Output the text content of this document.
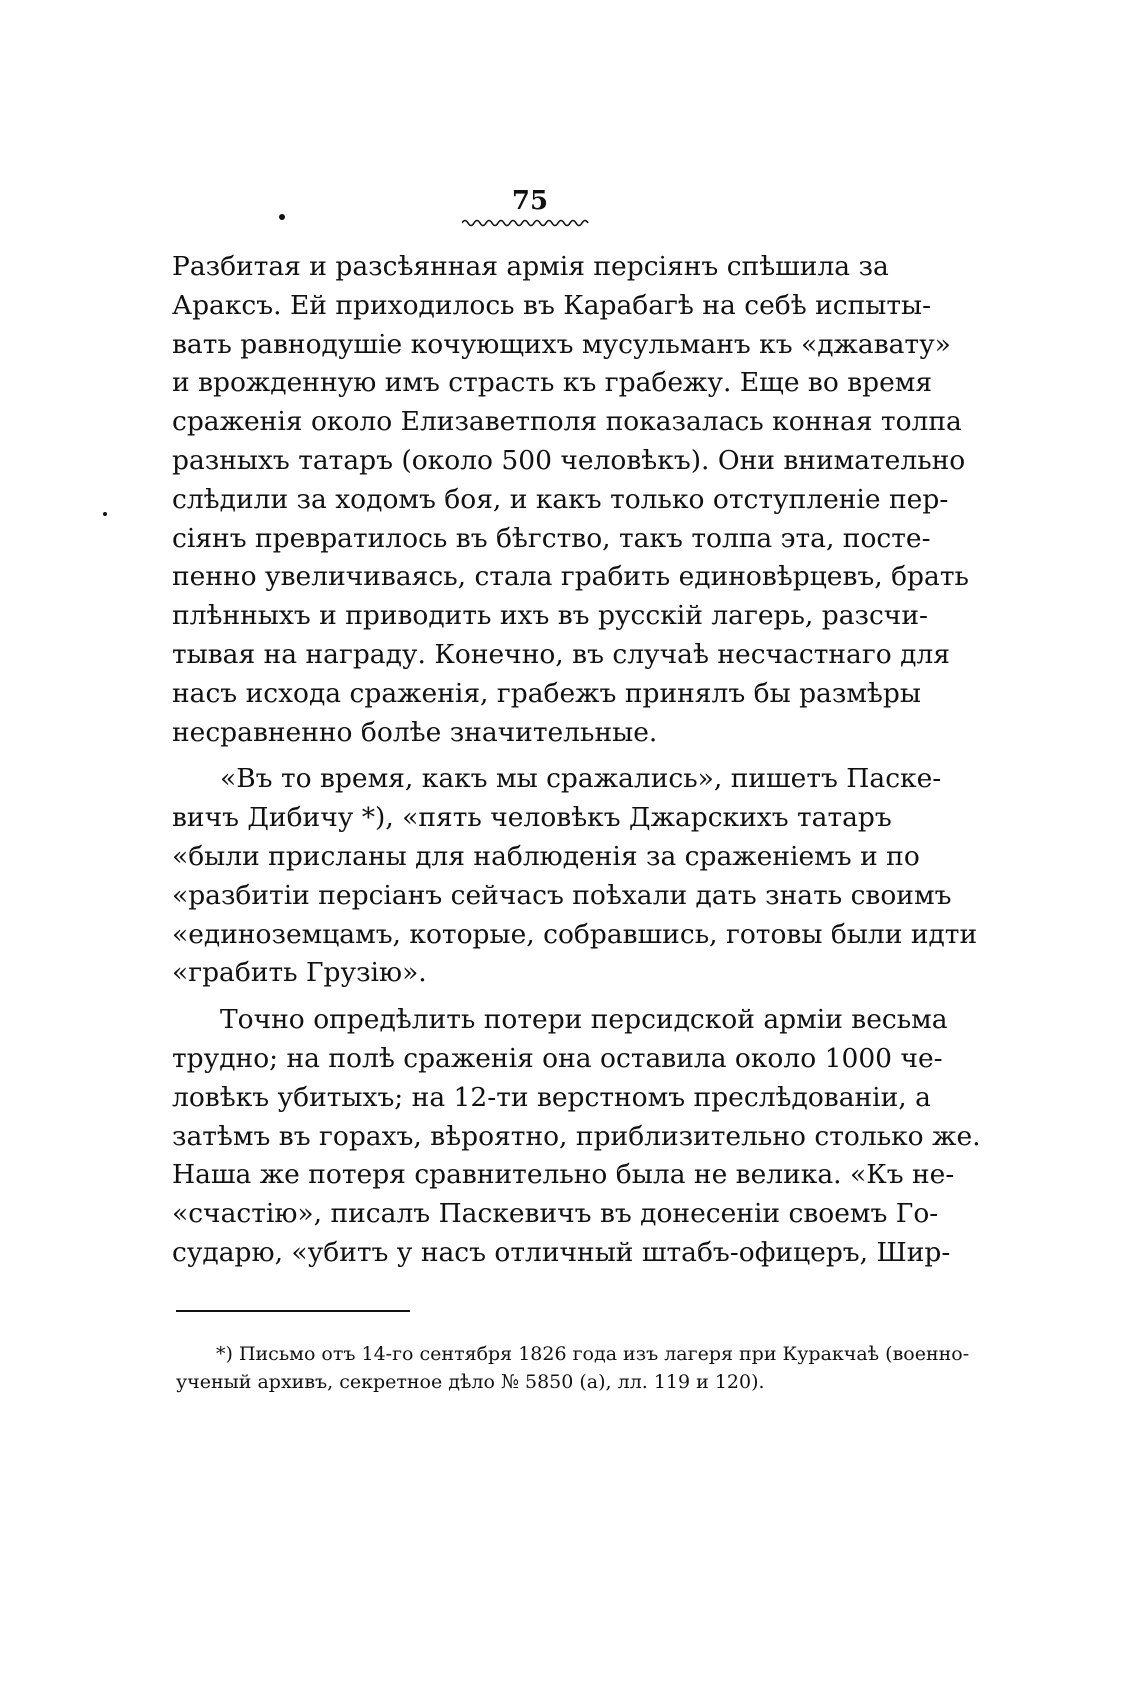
75
Разбитая и разсѣянная армія персіянъ спѣшила за
Араксъ. Ей приходилось въ Карабагѣ на себѣ испыты-
вать равнодушіе кочующихъ мусульманъ къ «джавату»
и врожденную имъ страсть къ грабежу. Еще во время
сраженія около Елизаветполя показалась конная толпа
разныхъ татаръ (около 500 человѣкъ). Они внимательно
слѣдили за ходомъ боя, и какъ только отступленіе пер-
сіянъ превратилось въ бѣгство, такъ толпа эта, посте-
пенно увеличиваясь, стала грабить единовѣрцевъ, брать
плѣнныхъ и приводить ихъ въ русскій лагерь, разсчи-
тывая на награду. Конечно, въ случаѣ несчастнаго для
насъ исхода сраженія, грабежъ принялъ бы размѣры
несравненно болѣе значительные.
«Въ то время, какъ мы сражались», пишетъ Паске-
вичъ Дибичу *), «пять человѣкъ Джарскихъ татаръ
«были присланы для наблюденія за сраженіемъ и по
«разбитіи персіанъ сейчасъ поѣхали дать знать своимъ
«единоземцамъ, которые, собравшись, готовы были идти
«грабить Грузію».
Точно опредѣлить потери персидской арміи весьма
трудно; на полѣ сраженія она оставила около 1000 че-
ловѣкъ убитыхъ; на 12-ти верстномъ преслѣдованіи, а
затѣмъ въ горахъ, вѣроятно, приблизительно столько же.
Наша же потеря сравнительно была не велика. «Къ не-
«счастію», писалъ Паскевичъ въ донесеніи своемъ Го-
сударю, «убитъ у насъ отличный штабъ-офицеръ, Шир-
*) Письмо отъ 14-го сентября 1826 года изъ лагеря при Куракчаѣ (военно-
ученый архивъ, секретное дѣло № 5850 (а), лл. 119 и 120).
